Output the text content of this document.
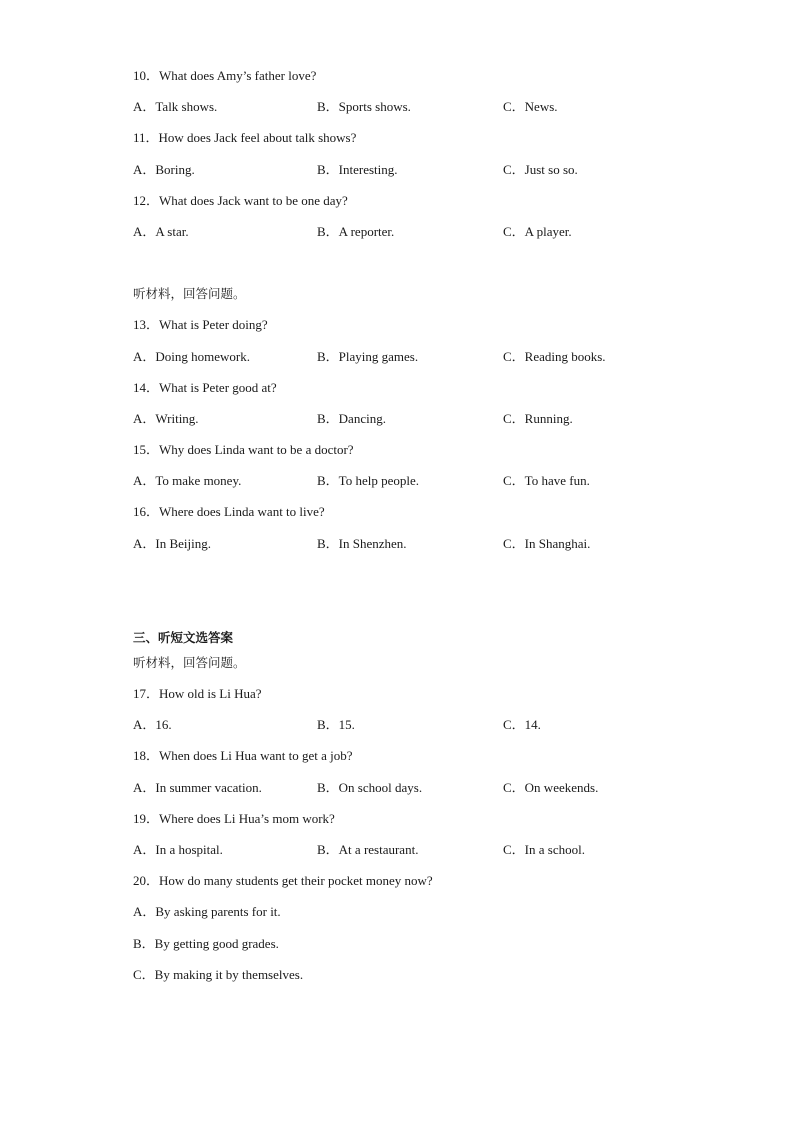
10．What does Amy’s father love?
A．Talk shows.	B．Sports shows.	C．News.
11．How does Jack feel about talk shows?
A．Boring.	B．Interesting.	C．Just so so.
12．What does Jack want to be one day?
A．A star.	B．A reporter.	C．A player.
听材料，回答问题。
13．What is Peter doing?
A．Doing homework.	B．Playing games.	C．Reading books.
14．What is Peter good at?
A．Writing.	B．Dancing.	C．Running.
15．Why does Linda want to be a doctor?
A．To make money.	B．To help people.	C．To have fun.
16．Where does Linda want to live?
A．In Beijing.	B．In Shenzhen.	C．In Shanghai.
三、听短文选答案
听材料，回答问题。
17．How old is Li Hua?
A．16.	B．15.	C．14.
18．When does Li Hua want to get a job?
A．In summer vacation.	B．On school days.	C．On weekends.
19．Where does Li Hua’s mom work?
A．In a hospital.	B．At a restaurant.	C．In a school.
20．How do many students get their pocket money now?
A．By asking parents for it.
B．By getting good grades.
C．By making it by themselves.
